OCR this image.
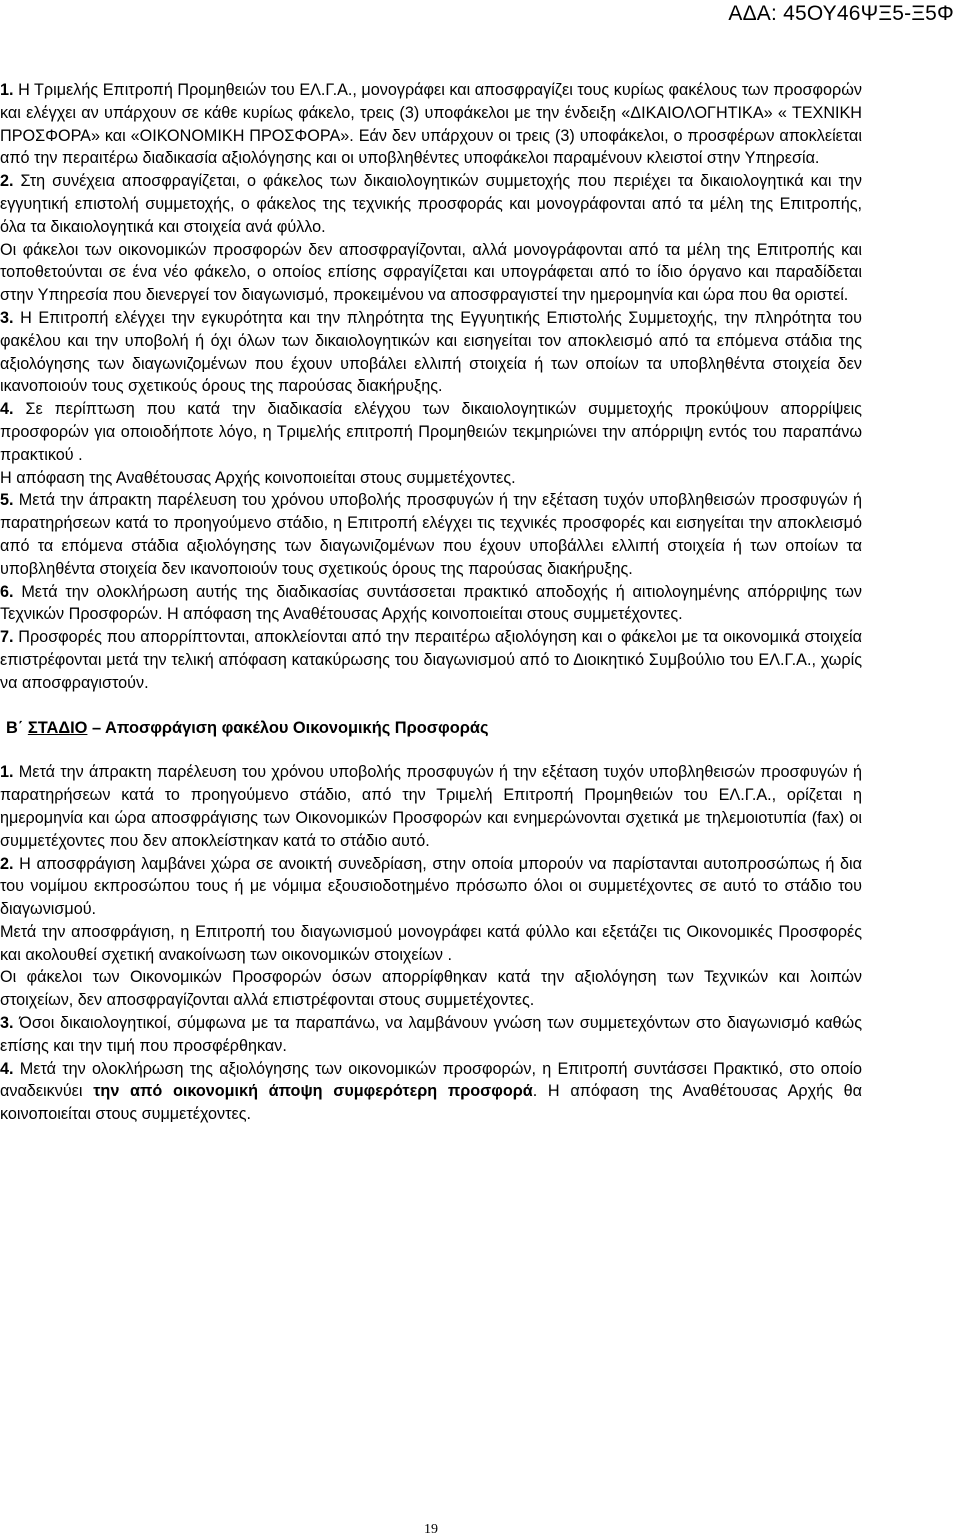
ΑΔΑ: 45ΟΥ46ΨΞ5-Ξ5Φ

1. Η Τριμελής Επιτροπή Προμηθειών του ΕΛ.Γ.Α., μονογράφει και αποσφραγίζει τους κυρίως φακέλους των προσφορών και ελέγχει αν υπάρχουν σε κάθε κυρίως φάκελο, τρεις (3) υποφάκελοι με την ένδειξη «ΔΙΚΑΙΟΛΟΓΗΤΙΚΑ» « ΤΕΧΝΙΚΗ ΠΡΟΣΦΟΡΑ» και «ΟΙΚΟΝΟΜΙΚΗ ΠΡΟΣΦΟΡΑ». Εάν δεν υπάρχουν οι τρεις (3) υποφάκελοι, ο προσφέρων αποκλείεται από την περαιτέρω διαδικασία αξιολόγησης και οι υποβληθέντες υποφάκελοι παραμένουν κλειστοί στην Υπηρεσία.

2. Στη συνέχεια αποσφραγίζεται, ο φάκελος των δικαιολογητικών συμμετοχής που περιέχει τα δικαιολογητικά και την εγγυητική επιστολή συμμετοχής, ο φάκελος της τεχνικής προσφοράς και μονογράφονται από τα μέλη της Επιτροπής, όλα τα δικαιολογητικά και στοιχεία ανά φύλλο.

Οι φάκελοι των οικονομικών προσφορών δεν αποσφραγίζονται, αλλά μονογράφονται από τα μέλη της Επιτροπής και τοποθετούνται σε ένα νέο φάκελο, ο οποίος επίσης σφραγίζεται και υπογράφεται από το ίδιο όργανο και παραδίδεται στην Υπηρεσία που διενεργεί τον διαγωνισμό, προκειμένου να αποσφραγιστεί την ημερομηνία και ώρα που θα οριστεί.

3. Η Επιτροπή ελέγχει την εγκυρότητα και την πληρότητα της Εγγυητικής Επιστολής Συμμετοχής, την πληρότητα του φακέλου και την υποβολή ή όχι όλων των δικαιολογητικών και εισηγείται τον αποκλεισμό από τα επόμενα στάδια της αξιολόγησης των διαγωνιζομένων που έχουν υποβάλει ελλιπή στοιχεία ή των οποίων τα υποβληθέντα στοιχεία δεν ικανοποιούν τους σχετικούς όρους της παρούσας διακήρυξης.

4. Σε περίπτωση που κατά την διαδικασία ελέγχου των δικαιολογητικών συμμετοχής προκύψουν απορρίψεις προσφορών για οποιοδήποτε λόγο, η Τριμελής επιτροπή Προμηθειών τεκμηριώνει την απόρριψη εντός του παραπάνω πρακτικού .

Η απόφαση της Αναθέτουσας Αρχής κοινοποιείται στους συμμετέχοντες.

5. Μετά την άπρακτη παρέλευση του χρόνου υποβολής προσφυγών ή την εξέταση τυχόν υποβληθεισών προσφυγών ή παρατηρήσεων κατά το προηγούμενο στάδιο, η Επιτροπή ελέγχει τις τεχνικές προσφορές και εισηγείται την αποκλεισμό από τα επόμενα στάδια αξιολόγησης των διαγωνιζομένων που έχουν υποβάλλει ελλιπή στοιχεία ή των οποίων τα υποβληθέντα στοιχεία δεν ικανοποιούν τους σχετικούς όρους της παρούσας διακήρυξης.

6. Μετά την ολοκλήρωση αυτής της διαδικασίας συντάσσεται πρακτικό αποδοχής ή αιτιολογημένης απόρριψης των Τεχνικών Προσφορών. Η απόφαση της Αναθέτουσας Αρχής κοινοποιείται στους συμμετέχοντες.

7. Προσφορές που απορρίπτονται, αποκλείονται από την περαιτέρω αξιολόγηση και ο φάκελοι με τα οικονομικά στοιχεία επιστρέφονται μετά την τελική απόφαση κατακύρωσης του διαγωνισμού από το Διοικητικό Συμβούλιο του ΕΛ.Γ.Α., χωρίς να αποσφραγιστούν.

Β΄ ΣΤΑΔΙΟ – Αποσφράγιση φακέλου Οικονομικής Προσφοράς

1. Μετά την άπρακτη παρέλευση του χρόνου υποβολής προσφυγών ή την εξέταση τυχόν υποβληθεισών προσφυγών ή παρατηρήσεων κατά το προηγούμενο στάδιο, από την Τριμελή Επιτροπή Προμηθειών του ΕΛ.Γ.Α., ορίζεται η ημερομηνία και ώρα αποσφράγισης των Οικονομικών Προσφορών και ενημερώνονται σχετικά με τηλεμοιοτυπία (fax) οι συμμετέχοντες που δεν αποκλείστηκαν κατά το στάδιο αυτό.

2. Η αποσφράγιση λαμβάνει χώρα σε ανοικτή συνεδρίαση, στην οποία μπορούν να παρίστανται αυτοπροσώπως ή δια του νομίμου εκπροσώπου τους ή με νόμιμα εξουσιοδοτημένο πρόσωπο όλοι οι συμμετέχοντες σε αυτό το στάδιο του διαγωνισμού.

Μετά την αποσφράγιση, η Επιτροπή του διαγωνισμού μονογράφει κατά φύλλο και εξετάζει τις Οικονομικές Προσφορές και ακολουθεί σχετική ανακοίνωση των οικονομικών στοιχείων .

Οι φάκελοι των Οικονομικών Προσφορών όσων απορρίφθηκαν κατά την αξιολόγηση των Τεχνικών και λοιπών στοιχείων, δεν αποσφραγίζονται αλλά επιστρέφονται στους συμμετέχοντες.

3. Όσοι δικαιολογητικοί, σύμφωνα με τα παραπάνω, να λαμβάνουν γνώση των συμμετεχόντων στο διαγωνισμό καθώς επίσης και την τιμή που προσφέρθηκαν.

4. Μετά την ολοκλήρωση της αξιολόγησης των οικονομικών προσφορών, η Επιτροπή συντάσσει Πρακτικό, στο οποίο αναδεικνύει την από οικονομική άποψη συμφερότερη προσφορά. Η απόφαση της Αναθέτουσας Αρχής θα κοινοποιείται στους συμμετέχοντες.

19
